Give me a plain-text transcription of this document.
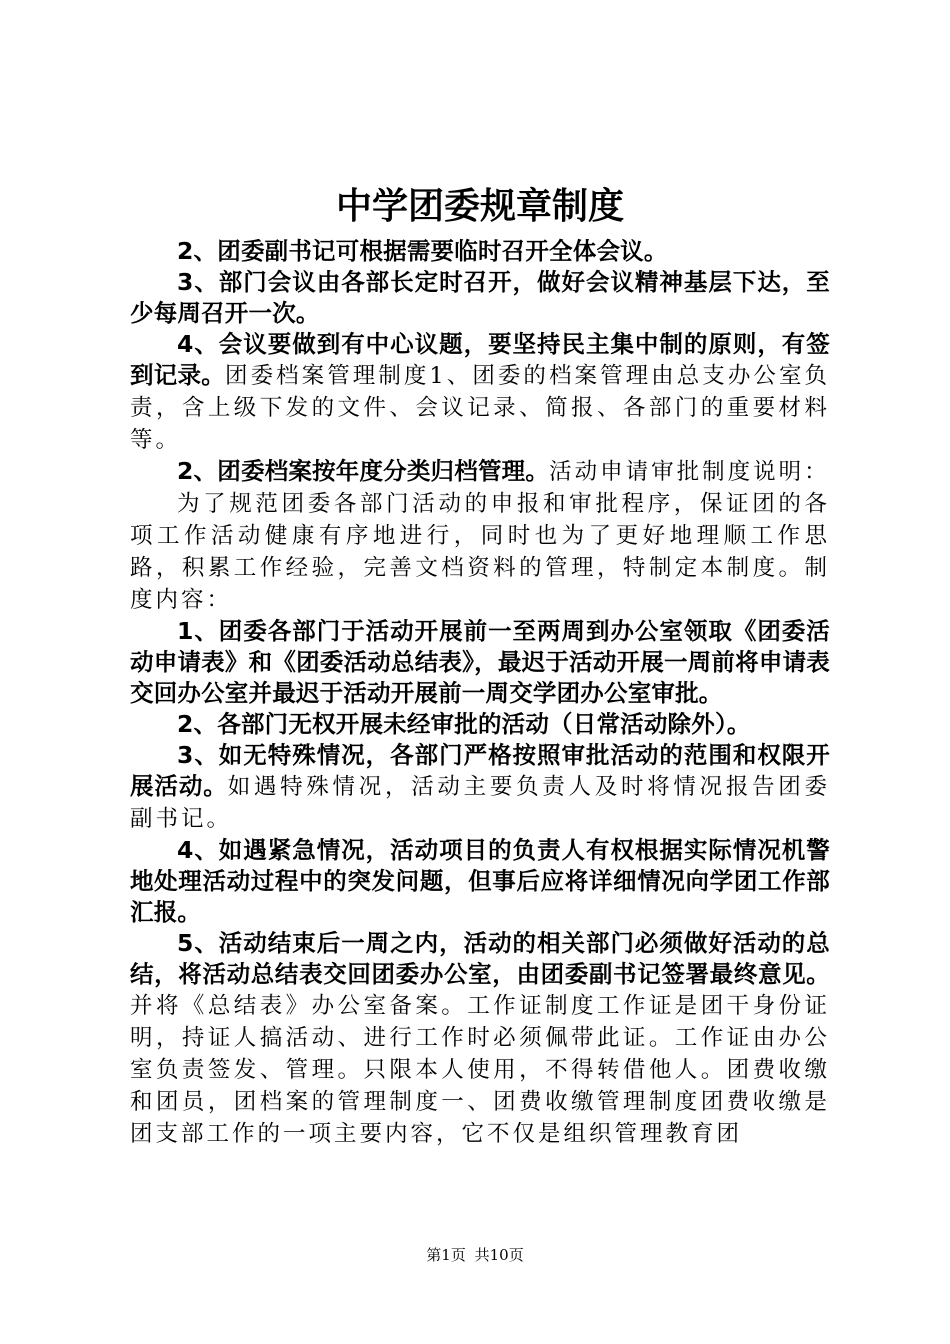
中学团委规章制度

2、团委副书记可根据需要临时召开全体会议。

3、部门会议由各部长定时召开，做好会议精神基层下达，至少每周召开一次。

4、会议要做到有中心议题，要坚持民主集中制的原则，有签到记录。团委档案管理制度1、团委的档案管理由总支办公室负责，含上级下发的文件、会议记录、简报、各部门的重要材料等。

2、团委档案按年度分类归档管理。活动申请审批制度说明：

为了规范团委各部门活动的申报和审批程序，保证团的各项工作活动健康有序地进行，同时也为了更好地理顺工作思路，积累工作经验，完善文档资料的管理，特制定本制度。制度内容：

1、团委各部门于活动开展前一至两周到办公室领取《团委活动申请表》和《团委活动总结表》，最迟于活动开展一周前将申请表交回办公室并最迟于活动开展前一周交学团办公室审批。

2、各部门无权开展未经审批的活动（日常活动除外）。

3、如无特殊情况，各部门严格按照审批活动的范围和权限开展活动。如遇特殊情况，活动主要负责人及时将情况报告团委副书记。

4、如遇紧急情况，活动项目的负责人有权根据实际情况机警地处理活动过程中的突发问题，但事后应将详细情况向学团工作部汇报。

5、活动结束后一周之内，活动的相关部门必须做好活动的总结，将活动总结表交回团委办公室，由团委副书记签署最终意见。并将《总结表》办公室备案。工作证制度工作证是团干身份证明，持证人搞活动、进行工作时必须佩带此证。工作证由办公室负责签发、管理。只限本人使用，不得转借他人。团费收缴和团员，团档案的管理制度一、团费收缴管理制度团费收缴是团支部工作的一项主要内容，它不仅是组织管理教育团

第1页 共10页
